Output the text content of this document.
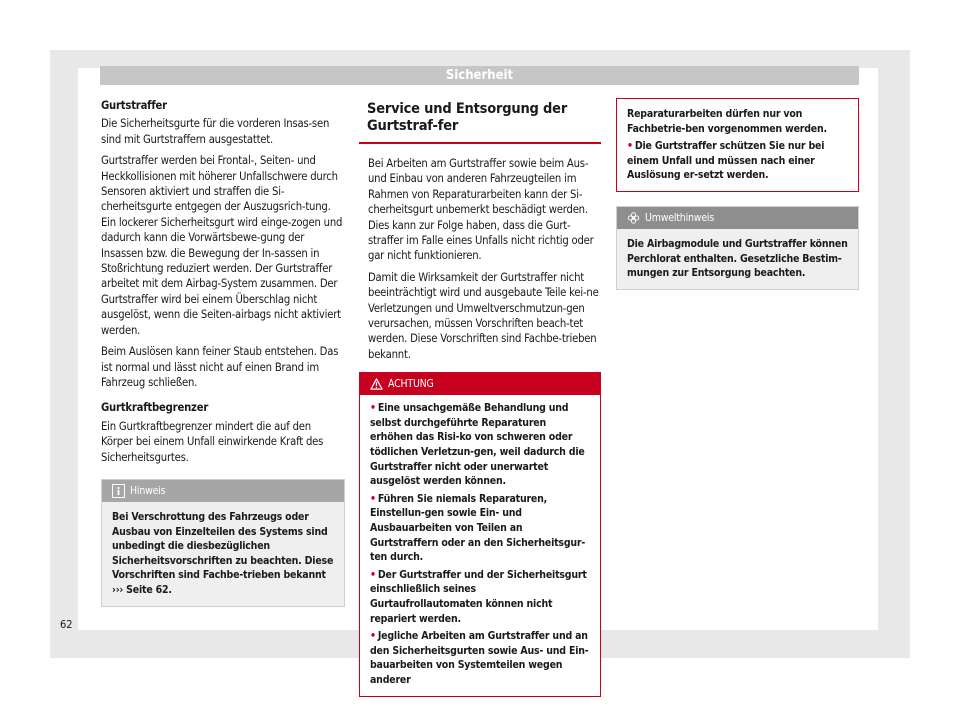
Sicherheit

Gurtstraffer

Die Sicherheitsgurte für die vorderen Insas-sen sind mit Gurtstraffern ausgestattet.

Gurtstraffer werden bei Frontal-, Seiten- und Heckkollisionen mit höherer Unfallschwere durch Sensoren aktiviert und straffen die Si-cherheitsgurte entgegen der Auszugsrich-tung. Ein lockerer Sicherheitsgurt wird einge-zogen und dadurch kann die Vorwärtsbewe-gung der Insassen bzw. die Bewegung der In-sassen in Stoßrichtung reduziert werden. Der Gurtstraffer arbeitet mit dem Airbag-System zusammen. Der Gurtstraffer wird bei einem Überschlag nicht ausgelöst, wenn die Seiten-airbags nicht aktiviert werden.

Beim Auslösen kann feiner Staub entstehen. Das ist normal und lässt nicht auf einen Brand im Fahrzeug schließen.

Gurtkraftbegrenzer

Ein Gurtkraftbegrenzer mindert die auf den Körper bei einem Unfall einwirkende Kraft des Sicherheitsgurtes.

Hinweis
Bei Verschrottung des Fahrzeugs oder Ausbau von Einzelteilen des Systems sind unbedingt die diesbezüglichen Sicherheitsvorschriften zu beachten. Diese Vorschriften sind Fachbe-trieben bekannt ››› Seite 62.
Service und Entsorgung der Gurtstraf-fer

Bei Arbeiten am Gurtstraffer sowie beim Aus- und Einbau von anderen Fahrzeugteilen im Rahmen von Reparaturarbeiten kann der Si-cherheitsgurt unbemerkt beschädigt werden. Dies kann zur Folge haben, dass die Gurt-straffer im Falle eines Unfalls nicht richtig oder gar nicht funktionieren.

Damit die Wirksamkeit der Gurtstraffer nicht beeinträchtigt wird und ausgebaute Teile kei-ne Verletzungen und Umweltverschmutzun-gen verursachen, müssen Vorschriften beach-tet werden. Diese Vorschriften sind Fachbe-trieben bekannt.

ACHTUNG

• Eine unsachgemäße Behandlung und selbst durchgeführte Reparaturen erhöhen das Risi-ko von schweren oder tödlichen Verletzun-gen, weil dadurch die Gurtstraffer nicht oder unerwartet ausgelöst werden können.

• Führen Sie niemals Reparaturen, Einstellun-gen sowie Ein- und Ausbauarbeiten von Teilen an Gurtstraffern oder an den Sicherheitsgur-ten durch.

• Der Gurtstraffer und der Sicherheitsgurt einschließlich seines Gurtaufrollautomaten können nicht repariert werden.

• Jegliche Arbeiten am Gurtstraffer und an den Sicherheitsgurten sowie Aus- und Ein-bauarbeiten von Systemteilen wegen anderer

Reparaturarbeiten dürfen nur von Fachbetrie-ben vorgenommen werden.

• Die Gurtstraffer schützen Sie nur bei einem Unfall und müssen nach einer Auslösung er-setzt werden.

Umwelthinweis
Die Airbagmodule und Gurtstraffer können Perchlorat enthalten. Gesetzliche Bestim-mungen zur Entsorgung beachten.
62
